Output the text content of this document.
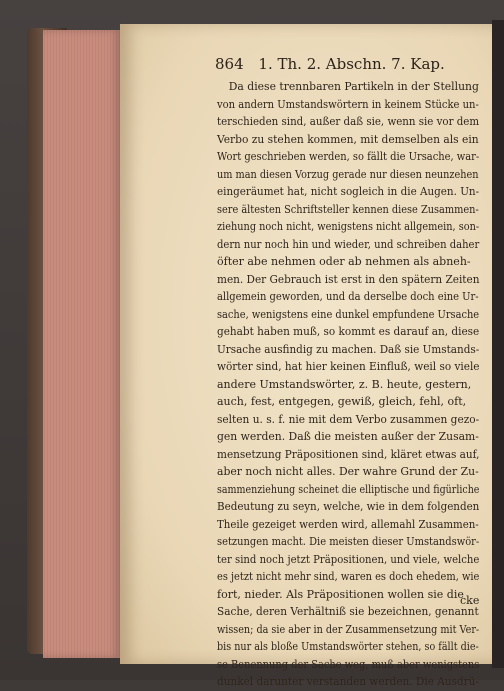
864 1. Th. 2. Abschn. 7. Kap.
Da diese trennbaren Partikeln in der Stellung
von andern Umstandswörtern in keinem Stücke un-
terschieden sind, außer daß sie, wenn sie vor dem
Verbo zu stehen kommen, mit demselben als ein
Wort geschrieben werden, so fällt die Ursache, war-
um man diesen Vorzug gerade nur diesen neunzehen
eingeräumet hat, nicht sogleich in die Augen. Un-
sere ältesten Schriftsteller kennen diese Zusammen-
ziehung noch nicht, wenigstens nicht allgemein, son-
dern nur noch hin und wieder, und schreiben daher
öfter abe nehmen oder ab nehmen als abneh-
men. Der Gebrauch ist erst in den spätern Zeiten
allgemein geworden, und da derselbe doch eine Ur-
sache, wenigstens eine dunkel empfundene Ursache
gehabt haben muß, so kommt es darauf an, diese
Ursache ausfindig zu machen. Daß sie Umstands-
wörter sind, hat hier keinen Einfluß, weil so viele
andere Umstandswörter, z. B. heute, gestern,
auch, fest, entgegen, gewiß, gleich, fehl, oft,
selten u. s. f. nie mit dem Verbo zusammen gezo-
gen werden. Daß die meisten außer der Zusam-
mensetzung Präpositionen sind, kläret etwas auf,
aber noch nicht alles. Der wahre Grund der Zu-
sammenziehung scheinet die elliptische und figürliche
Bedeutung zu seyn, welche, wie in dem folgenden
Theile gezeiget werden wird, allemahl Zusammen-
setzungen macht. Die meisten dieser Umstandswör-
ter sind noch jetzt Präpositionen, und viele, welche
es jetzt nicht mehr sind, waren es doch ehedem, wie
fort, nieder. Als Präpositionen wollen sie die
Sache, deren Verhältniß sie bezeichnen, genannt
wissen; da sie aber in der Zusammensetzung mit Ver-
bis nur als bloße Umstandswörter stehen, so fällt die-
se Benennung der Sache weg, muß aber wenigstens
dunkel darunter verstanden werden. Die Ausdrü-
cke
